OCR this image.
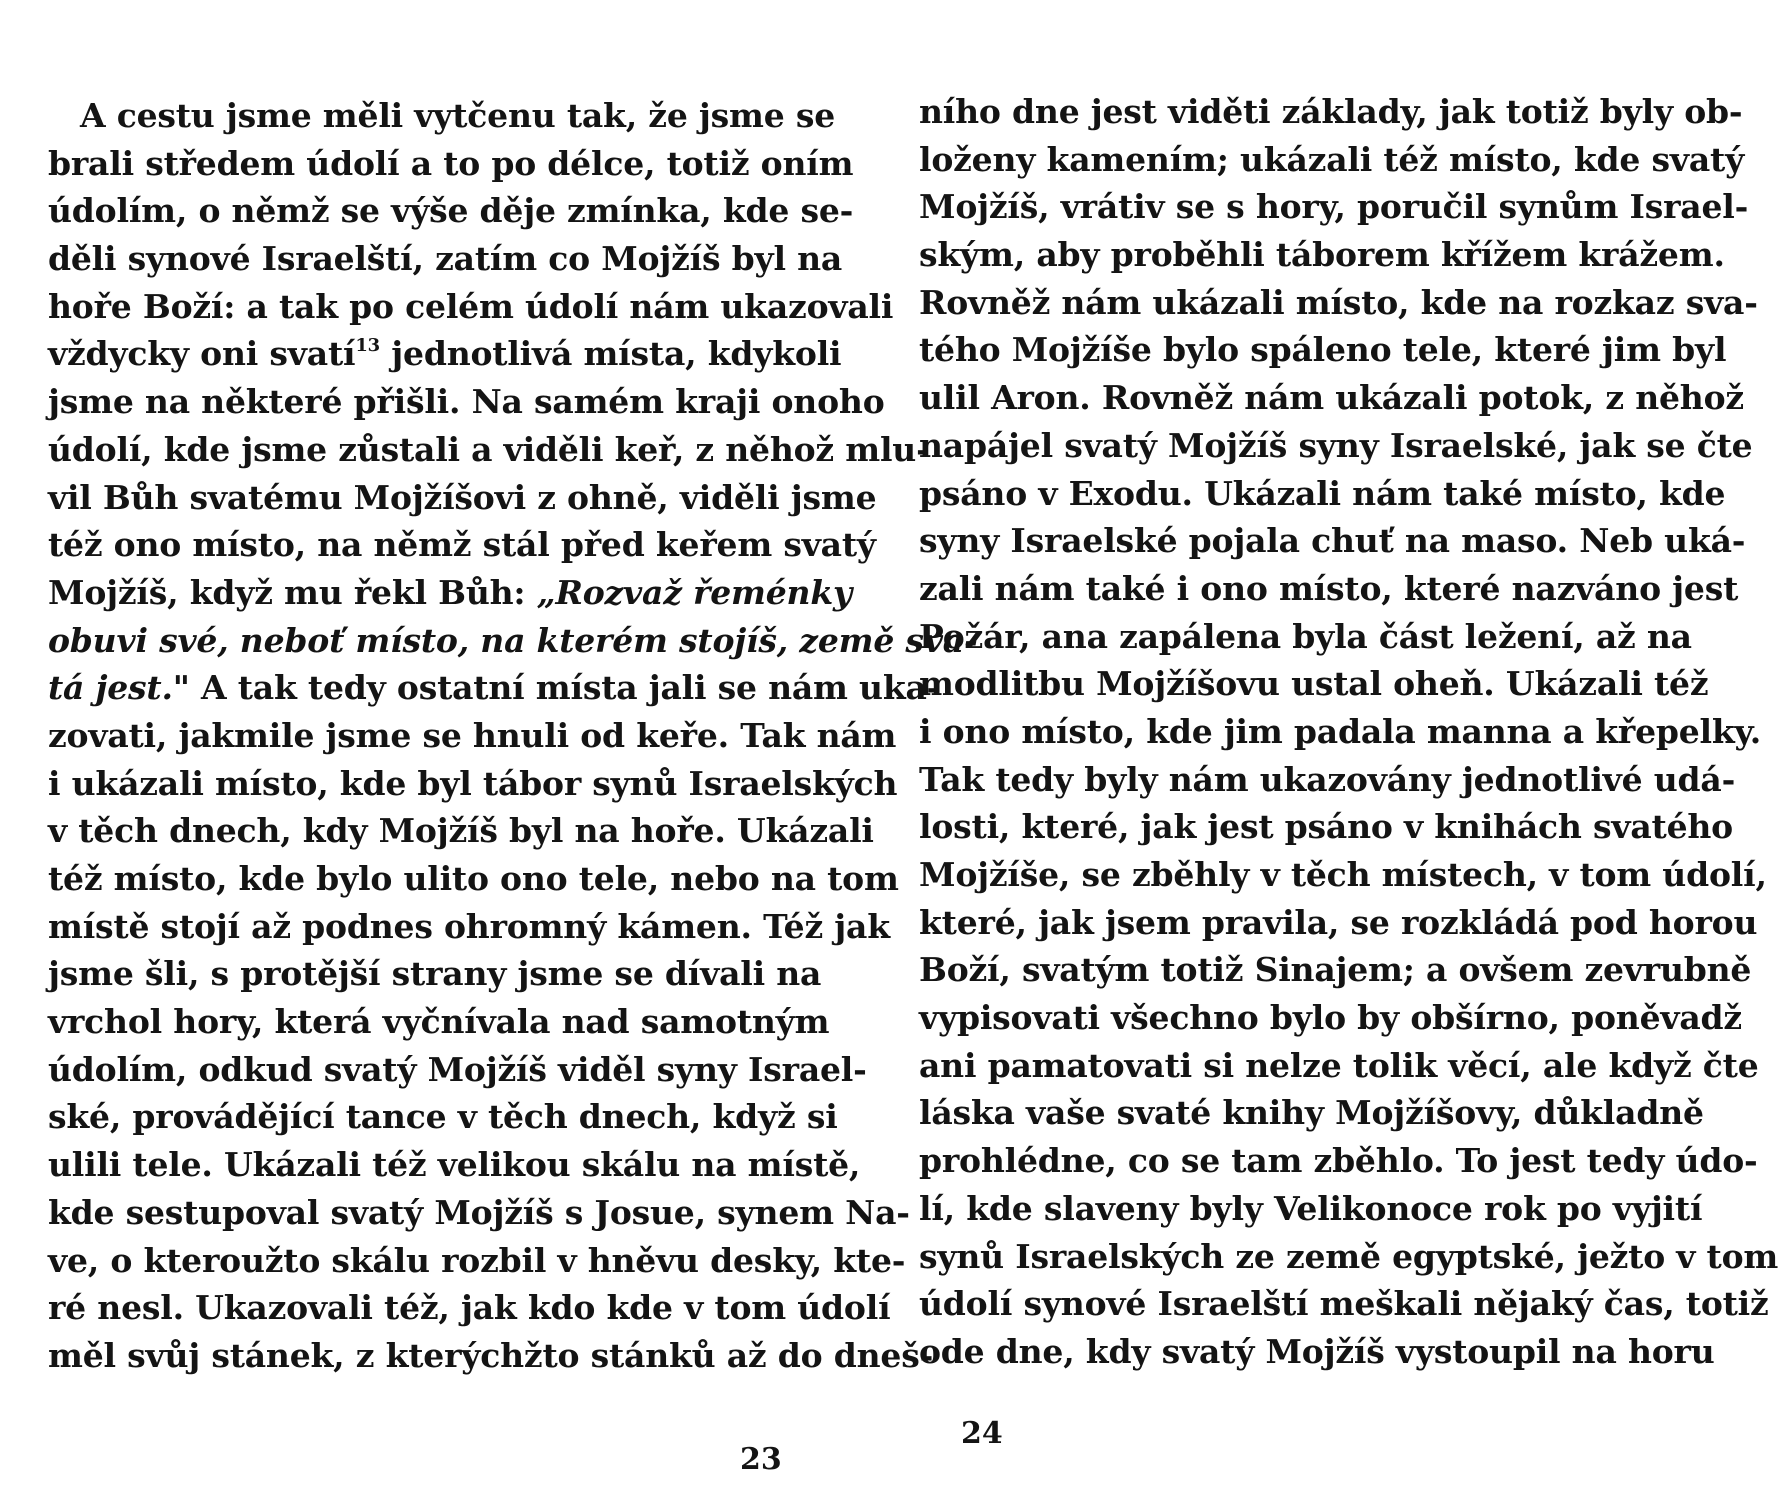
A cestu jsme měli vytčenu tak, že jsme se
brali středem údolí a to po délce, totiž oním
údolím, o němž se výše děje zmínka, kde se-
děli synové Israelští, zatím co Mojžíš byl na
hoře Boží: a tak po celém údolí nám ukazovali
vždycky oni svatí$^{13}$ jednotlivá místa, kdykoli
jsme na některé přišli. Na samém kraji onoho
údolí, kde jsme zůstali a viděli keř, z něhož mlu-
vil Bůh svatému Mojžíšovi z ohně, viděli jsme
též ono místo, na němž stál před keřem svatý
Mojžíš, když mu řekl Bůh: „Rozvaž řeménky
obuvi své, neboť místo, na kterém stojíš, země sva-
tá jest." A tak tedy ostatní místa jali se nám uka-
zovati, jakmile jsme se hnuli od keře. Tak nám
i ukázali místo, kde byl tábor synů Israelských
v těch dnech, kdy Mojžíš byl na hoře. Ukázali
též místo, kde bylo ulito ono tele, nebo na tom
místě stojí až podnes ohromný kámen. Též jak
jsme šli, s protější strany jsme se dívali na
vrchol hory, která vyčnívala nad samotným
údolím, odkud svatý Mojžíš viděl syny Israel-
ské, provádějící tance v těch dnech, když si
ulili tele. Ukázali též velikou skálu na místě,
kde sestupoval svatý Mojžíš s Josue, synem Na-
ve, o kteroužto skálu rozbil v hněvu desky, kte-
ré nesl. Ukazovali též, jak kdo kde v tom údolí
měl svůj stánek, z kterýchžto stánků až do dneš-
23
ního dne jest viděti základy, jak totiž byly ob-
loženy kamením; ukázali též místo, kde svatý
Mojžíš, vrátiv se s hory, poručil synům Israel-
ským, aby proběhli táborem křížem krážem.
Rovněž nám ukázali místo, kde na rozkaz sva-
tého Mojžíše bylo spáleno tele, které jim byl
ulil Aron. Rovněž nám ukázali potok, z něhož
napájel svatý Mojžíš syny Israelské, jak se čte
psáno v Exodu. Ukázali nám také místo, kde
syny Israelské pojala chuť na maso. Neb uká-
zali nám také i ono místo, které nazváno jest
Požár, ana zapálena byla část ležení, až na
modlitbu Mojžíšovu ustal oheň. Ukázali též
i ono místo, kde jim padala manna a křepelky.
Tak tedy byly nám ukazovány jednotlivé udá-
losti, které, jak jest psáno v knihách svatého
Mojžíše, se zběhly v těch místech, v tom údolí,
které, jak jsem pravila, se rozkládá pod horou
Boží, svatým totiž Sinajem; a ovšem zevrubně
vypisovati všechno bylo by obšírno, poněvadž
ani pamatovati si nelze tolik věcí, ale když čte
láska vaše svaté knihy Mojžíšovy, důkladně
prohlédne, co se tam zběhlo. To jest tedy údo-
lí, kde slaveny byly Velikonoce rok po vyjití
synů Israelských ze země egyptské, ježto v tom
údolí synové Israelští meškali nějaký čas, totiž
ode dne, kdy svatý Mojžíš vystoupil na horu
24
